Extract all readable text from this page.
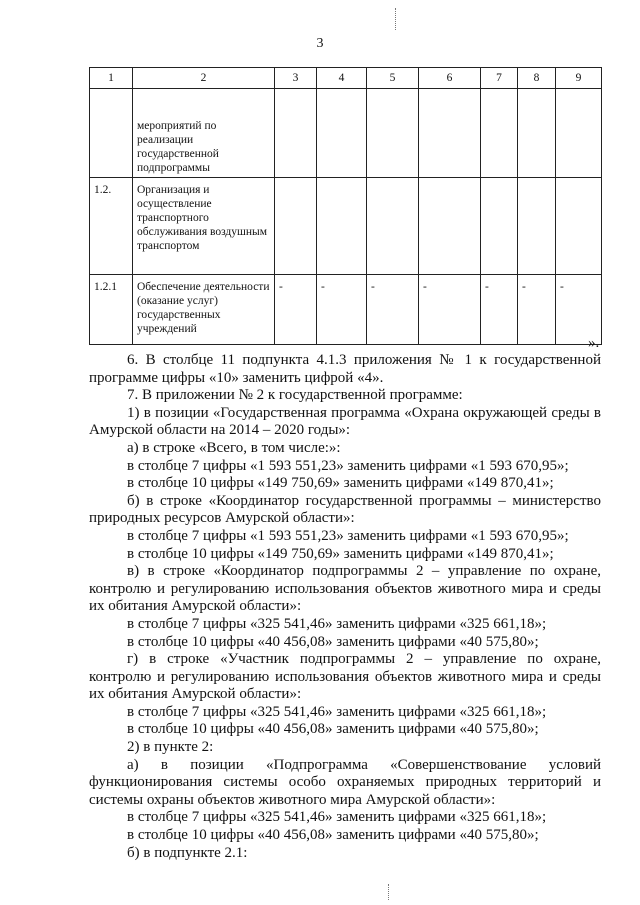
3
1	2	3	4	5	6	7	8	9
	мероприятий по реализации государственной подпрограммы							
1.2.	Организация и осуществление транспортного обслуживания воздушным транспортом							
1.2.1	Обеспечение деятельности (оказание услуг) государственных учреждений	-	-	-	-	-	-	-
».

6. В столбце 11 подпункта 4.1.3 приложения № 1 к государственной программе цифры «10» заменить цифрой «4».

7. В приложении № 2 к государственной программе:

1) в позиции «Государственная программа «Охрана окружающей среды в Амурской области на 2014 – 2020 годы»:

а) в строке «Всего, в том числе:»:

в столбце 7 цифры «1 593 551,23» заменить цифрами «1 593 670,95»;

в столбце 10 цифры «149 750,69» заменить цифрами «149 870,41»;

б) в строке «Координатор государственной программы – министерство природных ресурсов Амурской области»:

в столбце 7 цифры «1 593 551,23» заменить цифрами «1 593 670,95»;

в столбце 10 цифры «149 750,69» заменить цифрами «149 870,41»;

в) в строке «Координатор подпрограммы 2 – управление по охране, контролю и регулированию использования объектов животного мира и среды их обитания Амурской области»:

в столбце 7 цифры «325 541,46» заменить цифрами «325 661,18»;

в столбце 10 цифры «40 456,08» заменить цифрами «40 575,80»;

г) в строке «Участник подпрограммы 2 – управление по охране, контролю и регулированию использования объектов животного мира и среды их обитания Амурской области»:

в столбце 7 цифры «325 541,46» заменить цифрами «325 661,18»;

в столбце 10 цифры «40 456,08» заменить цифрами «40 575,80»;

2) в пункте 2:

а) в позиции «Подпрограмма «Совершенствование условий функционирования системы особо охраняемых природных территорий и системы охраны объектов животного мира Амурской области»:

в столбце 7 цифры «325 541,46» заменить цифрами «325 661,18»;

в столбце 10 цифры «40 456,08» заменить цифрами «40 575,80»;

б) в подпункте 2.1:
